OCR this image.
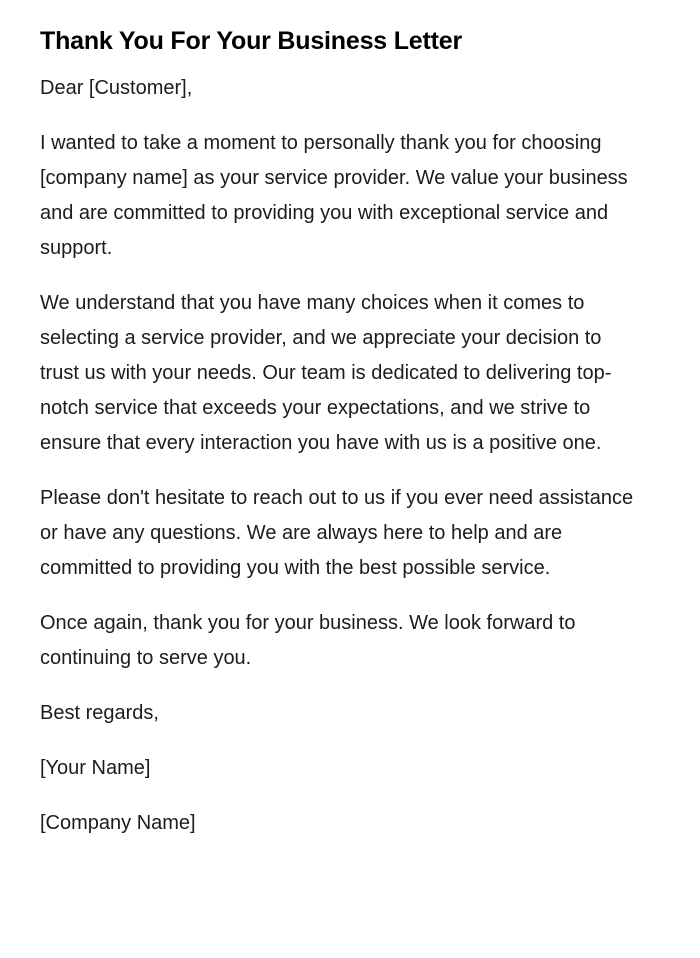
Thank You For Your Business Letter

Dear [Customer],

I wanted to take a moment to personally thank you for choosing [company name] as your service provider. We value your business and are committed to providing you with exceptional service and support.

We understand that you have many choices when it comes to selecting a service provider, and we appreciate your decision to trust us with your needs. Our team is dedicated to delivering top-notch service that exceeds your expectations, and we strive to ensure that every interaction you have with us is a positive one.

Please don't hesitate to reach out to us if you ever need assistance or have any questions. We are always here to help and are committed to providing you with the best possible service.

Once again, thank you for your business. We look forward to continuing to serve you.

Best regards,

[Your Name]

[Company Name]
